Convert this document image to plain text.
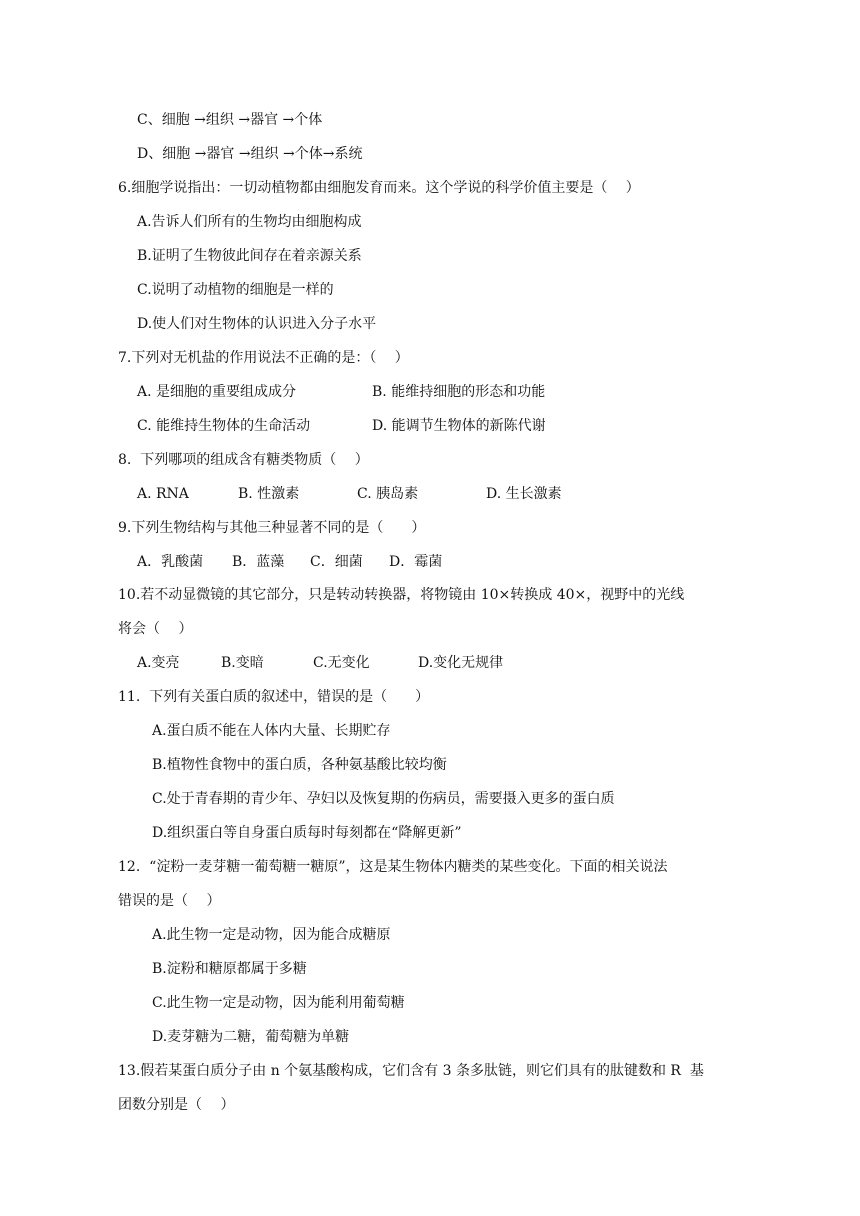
C、细胞 →组织 →器官 →个体
D、细胞 →器官 →组织 →个体→系统
6.细胞学说指出：一切动植物都由细胞发育而来。这个学说的科学价值主要是（　 ）
A.告诉人们所有的生物均由细胞构成
B.证明了生物彼此间存在着亲源关系
C.说明了动植物的细胞是一样的
D.使人们对生物体的认识进入分子水平
7.下列对无机盐的作用说法不正确的是：（　 ）
A. 是细胞的重要组成成分	B. 能维持细胞的形态和功能
C. 能维持生物体的生命活动	D. 能调节生物体的新陈代谢
8.  下列哪项的组成含有糖类物质（　 ）
A. RNA	B. 性激素	C. 胰岛素	D. 生长激素
9.下列生物结构与其他三种显著不同的是（　　）
A．乳酸菌 B．蓝藻 C．细菌 D．霉菌
10.若不动显微镜的其它部分，只是转动转换器，将物镜由 10×转换成 40×，视野中的光线
将会（　 ）
A.变亮	B.变暗	C.无变化	D.变化无规律
11.  下列有关蛋白质的叙述中，错误的是（　　）
A.蛋白质不能在人体内大量、长期贮存
B.植物性食物中的蛋白质，各种氨基酸比较均衡
C.处于青春期的青少年、孕妇以及恢复期的伤病员，需要摄入更多的蛋白质
D.组织蛋白等自身蛋白质每时每刻都在“降解更新”
12.  “淀粉一麦芽糖一葡萄糖一糖原”，这是某生物体内糖类的某些变化。下面的相关说法
错误的是（　 ）
A.此生物一定是动物，因为能合成糖原
B.淀粉和糖原都属于多糖
C.此生物一定是动物，因为能利用葡萄糖
D.麦芽糖为二糖，葡萄糖为单糖
13.假若某蛋白质分子由 n 个氨基酸构成，它们含有 3 条多肽链，则它们具有的肽键数和 R  基
团数分别是（　 ）
